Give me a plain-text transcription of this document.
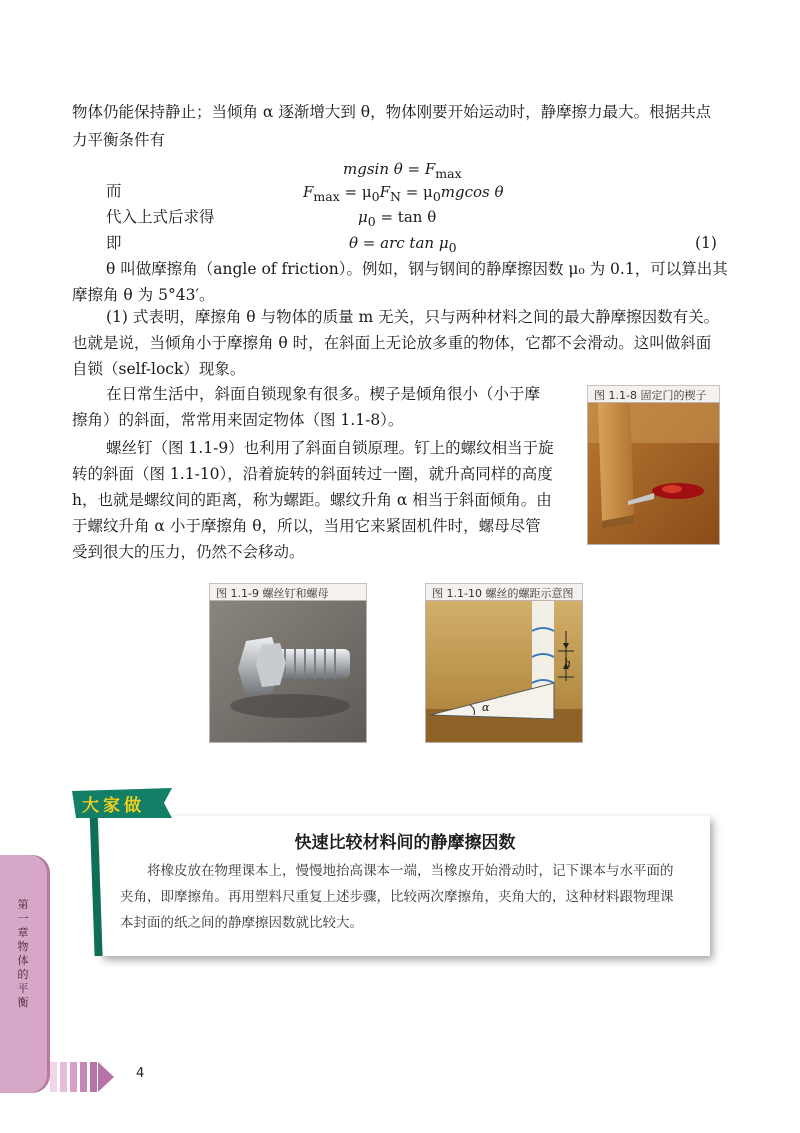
物体仍能保持静止；当倾角 α 逐渐增大到 θ，物体刚要开始运动时，静摩擦力最大。根据共点

力平衡条件有

mgsin $\theta = F_{max}$

而	$F_{max} = \mu_0F_N = \mu_0mgcos$ θ

代入上式后求得	$\mu_0 = \tan \theta$

即	θ = arc $\tan \mu_0$	(1)

θ 叫做摩擦角（angle of friction）。例如，钢与钢间的静摩擦因数 μ₀ 为 0.1，可以算出其

摩擦角 θ 为 5°43′。

(1) 式表明，摩擦角 θ 与物体的质量 m 无关，只与两种材料之间的最大静摩擦因数有关。

也就是说，当倾角小于摩擦角 θ 时，在斜面上无论放多重的物体，它都不会滑动。这叫做斜面

自锁（self-lock）现象。

在日常生活中，斜面自锁现象有很多。楔子是倾角很小（小于摩

擦角）的斜面，常常用来固定物体（图 1.1-8）。

螺丝钉（图 1.1-9）也利用了斜面自锁原理。钉上的螺纹相当于旋

转的斜面（图 1.1-10），沿着旋转的斜面转过一圈，就升高同样的高度

h，也就是螺纹间的距离，称为螺距。螺纹升角 α 相当于斜面倾角。由

于螺纹升角 α 小于摩擦角 θ，所以，当用它来紧固机件时，螺母尽管

受到很大的压力，仍然不会移动。

图 1.1-8 固定门的楔子
图 1.1-9 螺丝钉和螺母	图 1.1-10 螺丝的螺距示意图
h
α
大家做
快速比较材料间的静摩擦因数
将橡皮放在物理课本上，慢慢地抬高课本一端，当橡皮开始滑动时，记下课本与水平面的
夹角，即摩擦角。再用塑料尺重复上述步骤，比较两次摩擦角，夹角大的，这种材料跟物理课
本封面的纸之间的静摩擦因数就比较大。
第一章 物体的平衡
4
